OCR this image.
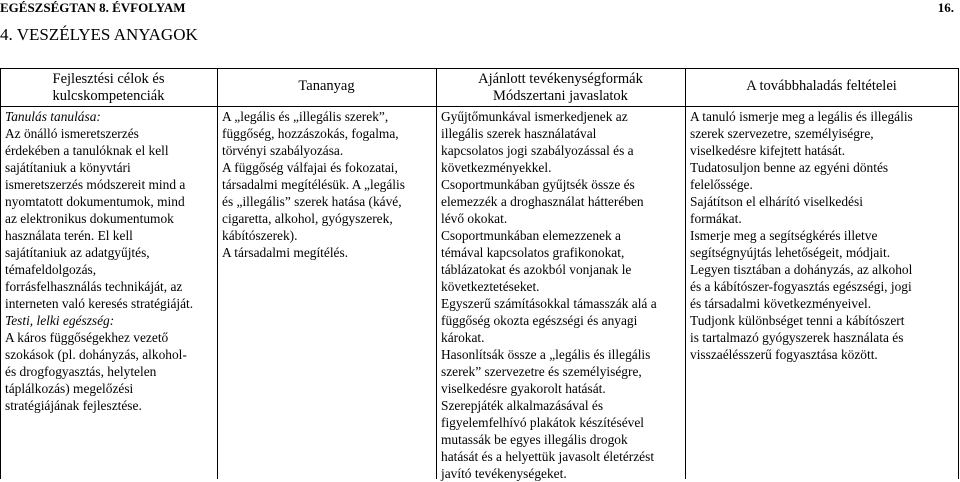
EGÉSZSÉGTAN 8. ÉVFOLYAM	16.
4. VESZÉLYES ANYAGOK
Fejlesztési célok és
kulcskompetenciák
Tananyag	Ajánlott tevékenységformák
Módszertani javaslatok
A továbbhaladás feltételei

Tanulás tanulása:

Az önálló ismeretszerzés

érdekében a tanulóknak el kell

sajátítaniuk a könyvtári

ismeretszerzés módszereit mind a

nyomtatott dokumentumok, mind

az elektronikus dokumentumok

használata terén. El kell

sajátítaniuk az adatgyűjtés,

témafeldolgozás,

forrásfelhasználás technikáját, az

interneten való keresés stratégiáját.

Testi, lelki egészség:

A káros függőségekhez vezető

szokások (pl. dohányzás, alkohol-

és drogfogyasztás, helytelen

táplálkozás) megelőzési

stratégiájának fejlesztése.

A „legális és „illegális szerek”,

függőség, hozzászokás, fogalma,

törvényi szabályozása.

A függőség válfajai és fokozatai,

társadalmi megítélésük. A „legális

és „illegális” szerek hatása (kávé,

cigaretta, alkohol, gyógyszerek,

kábítószerek).

A társadalmi megítélés.

Gyűjtőmunkával ismerkedjenek az

illegális szerek használatával

kapcsolatos jogi szabályozással és a

következményekkel.

Csoportmunkában gyűjtsék össze és

elemezzék a droghasználat hátterében

lévő okokat.

Csoportmunkában elemezzenek a

témával kapcsolatos grafikonokat,

táblázatokat és azokból vonjanak le

következtetéseket.

Egyszerű számításokkal támasszák alá a

függőség okozta egészségi és anyagi

károkat.

Hasonlítsák össze a „legális és illegális

szerek” szervezetre és személyiségre,

viselkedésre gyakorolt hatását.

Szerepjáték alkalmazásával és

figyelemfelhívó plakátok készítésével

mutassák be egyes illegális drogok

hatását és a helyettük javasolt életérzést

javító tevékenységeket.

A tanuló ismerje meg a legális és illegális

szerek szervezetre, személyiségre,

viselkedésre kifejtett hatását.

Tudatosuljon benne az egyéni döntés

felelőssége.

Sajátítson el elhárító viselkedési

formákat.

Ismerje meg a segítségkérés illetve

segítségnyújtás lehetőségeit, módjait.

Legyen tisztában a dohányzás, az alkohol

és a kábítószer-fogyasztás egészségi, jogi

és társadalmi következményeivel.

Tudjonk különbséget tenni a kábítószert

is tartalmazó gyógyszerek használata és

visszaélésszerű fogyasztása között.
